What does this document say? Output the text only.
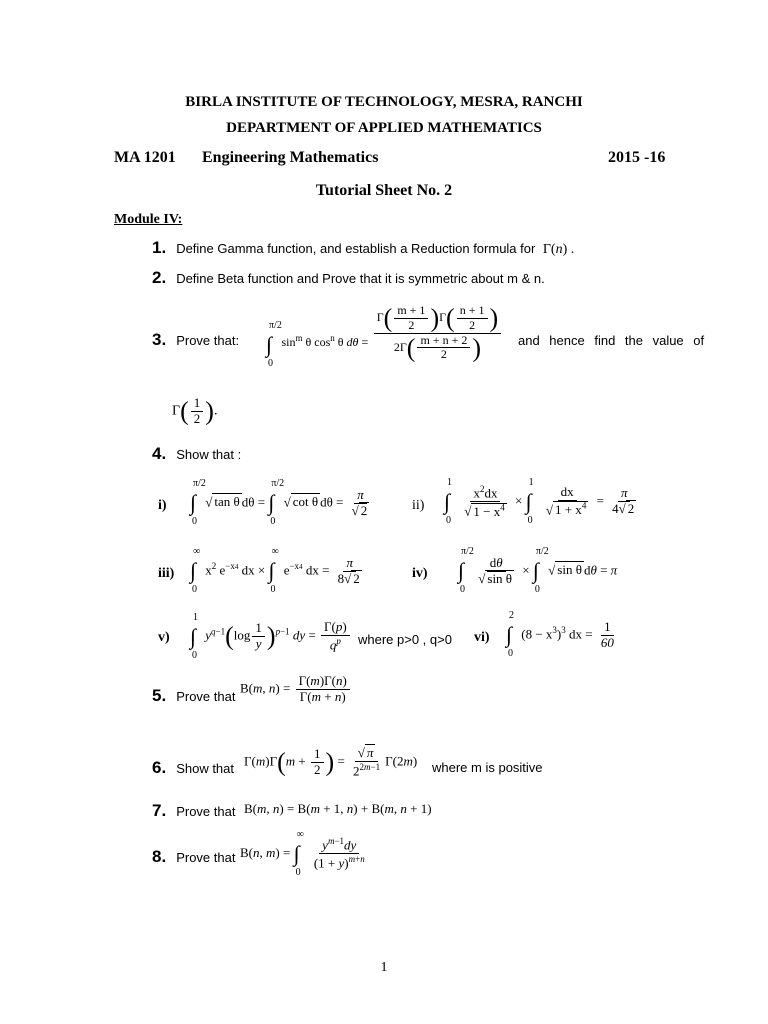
BIRLA INSTITUTE OF TECHNOLOGY, MESRA, RANCHI
DEPARTMENT OF APPLIED MATHEMATICS
MA 1201 Engineering Mathematics	2015 -16
Tutorial Sheet No. 2
Module IV:
1. Define Gamma function, and establish a Reduction formula for  Γ(n) .
2. Define Beta function and Prove that it is symmetric about m & n.
3. Prove that: ∫
π/2
0
$\sin^m \theta$ $\cos^n \theta$ $d\theta = \frac{\Gamma( \frac{m + 1}{2} )\Gamma( \frac{n + 1}{2} )}{2\Gamma( \frac{m + n + 2}{2} )}$ and hence find the value of
$\Gamma( \frac{1}{2}$ ).
4. Show that :
i) ∫
π/2
0
√ tan θ dθ = ∫
π/2
0
√ cot θ $d\theta = \frac{\pi}{√ 2}$	ii) ∫
1
0

$\frac{x^2dx}{√ 1 - x^4}$ × ∫
1
0

$\frac{dx}{√ 1 + x^4} = \frac{\pi}{4√ 2}$
iii) ∫
∞
0
$x^2$ $e^{-x4}$ dx × ∫
∞
0
$e^{-x4}$ dx = $\frac{\pi}{8√ 2}$	iv) ∫
π/2
0

$\frac{d\theta}{\text{√ sin θ}}$ × ∫
π/2
0
√ sin θ dθ = π
v) ∫
1
0
$y^{q-1}(\log \frac{1}{y} )^{p-1}$ dy = $\frac{\Gamma(p)}{q^p}$ where p>0 , q>0 vi) ∫
2
0
$(8 - x^3)^3$ dx = $\frac{1}{60}$
5. Prove that
B(m, $n) = \frac{\Gamma(m)\Gamma(n)}{\Gamma(m + n)}$
6. Show that $\Gamma(m)\Gamma(m + \frac{1}{2}$ ) = $\frac{√ \pi}{2^{2m-1}} \Gamma(2m)$ where m is positive
7. Prove that B(m, n) = B(m + 1, n) + B(m, n + 1)
8. Prove that B(n, m) = ∫
∞
0

$\frac{y^{m-1}dy}{(1 + y)^{m+n}}$
1
